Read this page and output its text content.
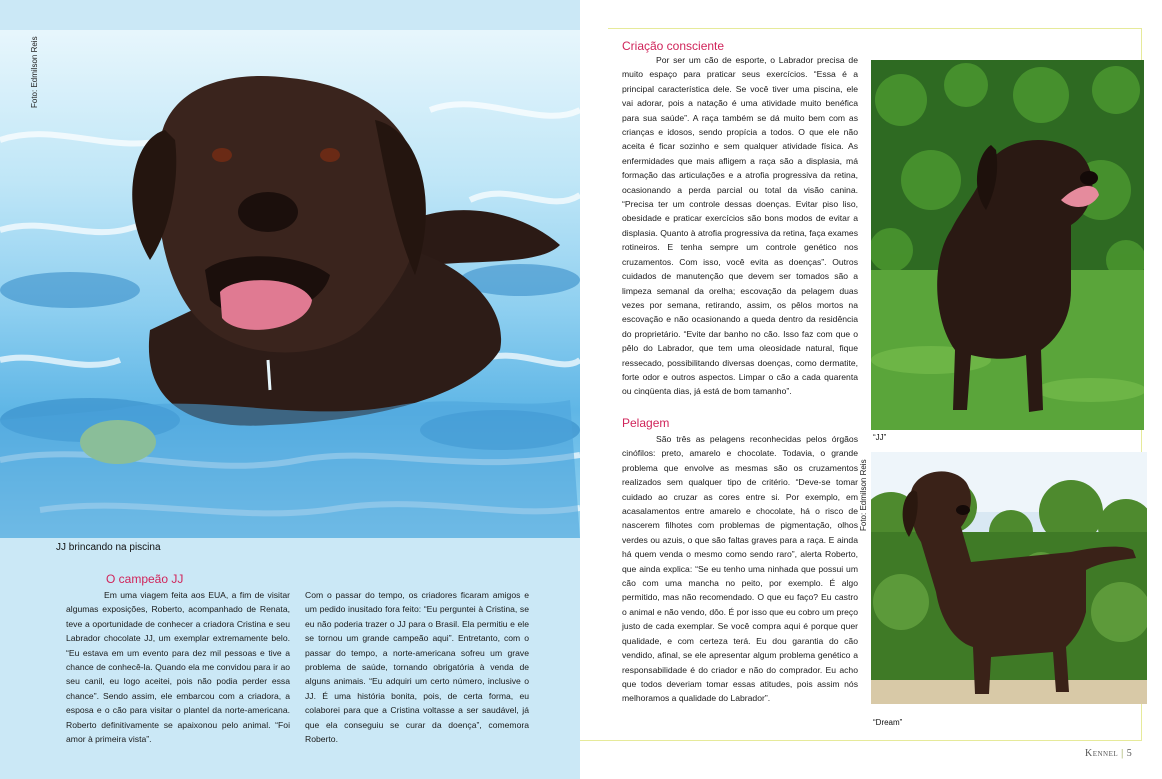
Foto: Edmilson Reis
JJ brincando na piscina
O campeão JJ

Em uma viagem feita aos EUA, a fim de visitar algumas exposições, Roberto, acompanhado de Renata, teve a oportunidade de conhecer a criadora Cristina e seu Labrador chocolate JJ, um exemplar extremamente belo. “Eu estava em um evento para dez mil pessoas e tive a chance de conhecê-la. Quando ela me convidou para ir ao seu canil, eu logo aceitei, pois não podia perder essa chance”. Sendo assim, ele embarcou com a criadora, a esposa e o cão para visitar o plantel da norte-americana. Roberto definitivamente se apaixonou pelo animal. “Foi amor à primeira vista”.

Com o passar do tempo, os criadores ficaram amigos e um pedido inusitado fora feito: “Eu perguntei à Cristina, se eu não poderia trazer o JJ para o Brasil. Ela permitiu e ele se tornou um grande campeão aqui”. Entretanto, com o passar do tempo, a norte-americana sofreu um grave problema de saúde, tornando obrigatória à venda de alguns animais. “Eu adquiri um certo número, inclusive o JJ. É uma história bonita, pois, de certa forma, eu colaborei para que a Cristina voltasse a ser saudável, já que ela conseguiu se curar da doença”, comemora Roberto.

Criação consciente

Por ser um cão de esporte, o Labrador precisa de muito espaço para praticar seus exercícios. “Essa é a principal característica dele. Se você tiver uma piscina, ele vai adorar, pois a natação é uma atividade muito benéfica para sua saúde”. A raça também se dá muito bem com as crianças e idosos, sendo propícia a todos. O que ele não aceita é ficar sozinho e sem qualquer atividade física. As enfermidades que mais afligem a raça são a displasia, má formação das articulações e a atrofia progressiva da retina, ocasionando a perda parcial ou total da visão canina. “Precisa ter um controle dessas doenças. Evitar piso liso, obesidade e praticar exercícios são bons modos de evitar a displasia. Quanto à atrofia progressiva da retina, faça exames rotineiros. E tenha sempre um controle genético nos cruzamentos. Com isso, você evita as doenças”. Outros cuidados de manutenção que devem ser tomados são a limpeza semanal da orelha; escovação da pelagem duas vezes por semana, retirando, assim, os pêlos mortos na escovação e não ocasionando a queda dentro da residência do proprietário. “Evite dar banho no cão. Isso faz com que o pêlo do Labrador, que tem uma oleosidade natural, fique ressecado, possibilitando diversas doenças, como dermatite, forte odor e outros aspectos. Limpar o cão a cada quarenta ou cinqüenta dias, já está de bom tamanho”.

Pelagem

São três as pelagens reconhecidas pelos órgãos cinófilos: preto, amarelo e chocolate. Todavia, o grande problema que envolve as mesmas são os cruzamentos realizados sem qualquer tipo de critério. “Deve-se tomar cuidado ao cruzar as cores entre si. Por exemplo, em acasalamentos entre amarelo e chocolate, há o risco de nascerem filhotes com problemas de pigmentação, olhos verdes ou azuis, o que são faltas graves para a raça. E ainda há quem venda o mesmo como sendo raro”, alerta Roberto, que ainda explica: “Se eu tenho uma ninhada que possui um cão com uma mancha no peito, por exemplo. É algo permitido, mas não recomendado. O que eu faço? Eu castro o animal e não vendo, dôo. É por isso que eu cobro um preço justo de cada exemplar. Se você compra aqui é porque quer qualidade, e com certeza terá. Eu dou garantia do cão vendido, afinal, se ele apresentar algum problema genético a responsabilidade é do criador e não do comprador. Eu acho que todos deveriam tomar essas atitudes, pois assim nós melhoramos a qualidade do Labrador”.

“JJ”
Foto: Edmilson Reis
“Dream”
Kennel | 5
